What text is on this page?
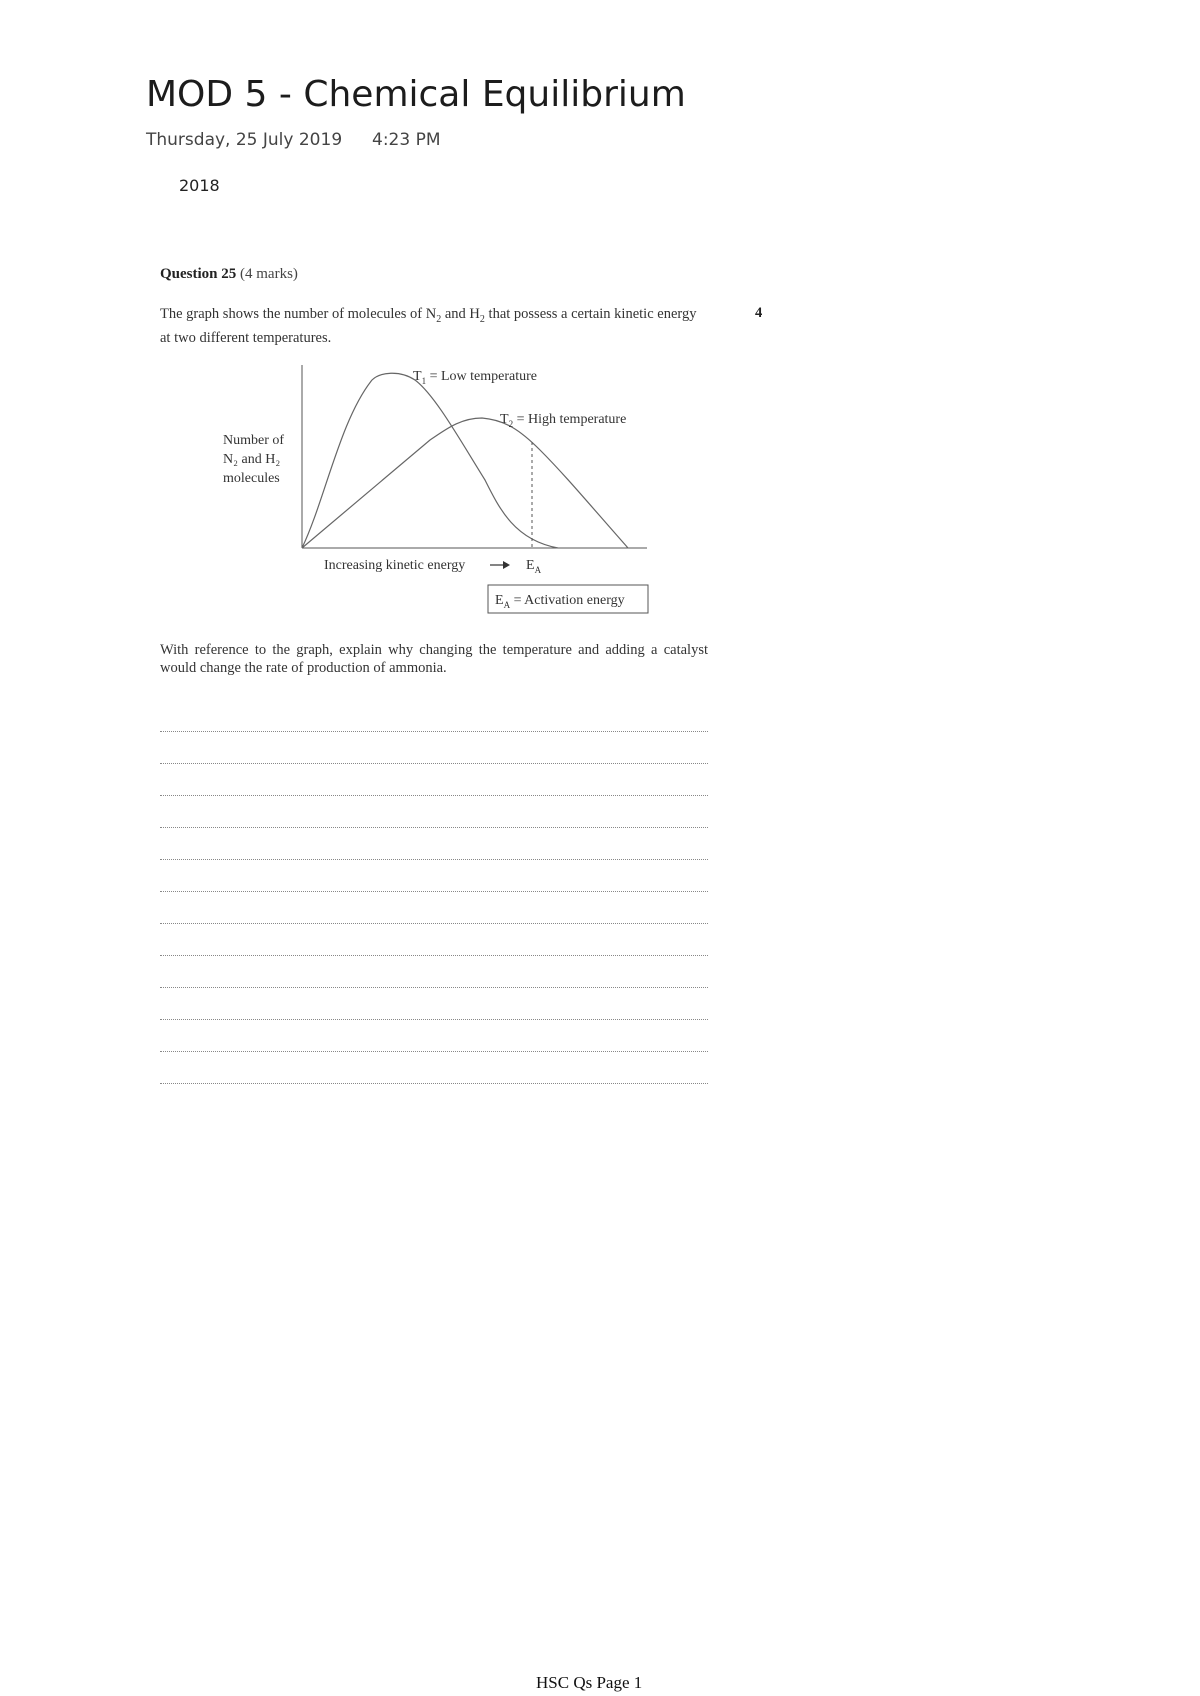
MOD 5 - Chemical Equilibrium
Thursday, 25 July 2019 4:23 PM
2018
Question 25 (4 marks)
The graph shows the number of molecules of $N_2$ and $H_2$ that possess a certain kinetic energy at two different temperatures.
4
$T_1$ = Low temperature
$T_2$ = High temperature
Number of
N₂ and H₂
molecules
Increasing kinetic energy	$E_A$
$E_A$ = Activation energy
With reference to the graph, explain why changing the temperature and adding a catalyst would change the rate of production of ammonia.
HSC Qs Page 1
